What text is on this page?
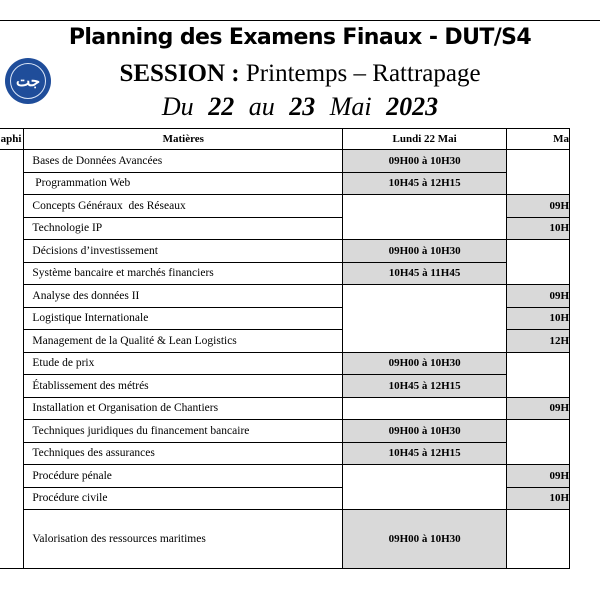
جت
Planning des Examens Finaux - DUT/S4
SESSION : Printemps – Rattrapage
Du 22 au 23 Mai 2023
aphi	Matières	Lundi 22 Mai	Ma
	Bases de Données Avancées	09H00 à 10H30	
	Programmation Web	10H45 à 12H15	
	Concepts Généraux  des Réseaux		09H
	Technologie IP		10H
	Décisions d’investissement	09H00 à 10H30	
	Système bancaire et marchés financiers	10H45 à 11H45	
	Analyse des données II		09H
	Logistique Internationale		10H
	Management de la Qualité & Lean Logistics		12H
	Etude de prix	09H00 à 10H30	
	Établissement des métrés	10H45 à 12H15	
	Installation et Organisation de Chantiers		09H
	Techniques juridiques du financement bancaire	09H00 à 10H30	
	Techniques des assurances	10H45 à 12H15	
	Procédure pénale		09H
	Procédure civile		10H
	Valorisation des ressources maritimes	09H00 à 10H30	
